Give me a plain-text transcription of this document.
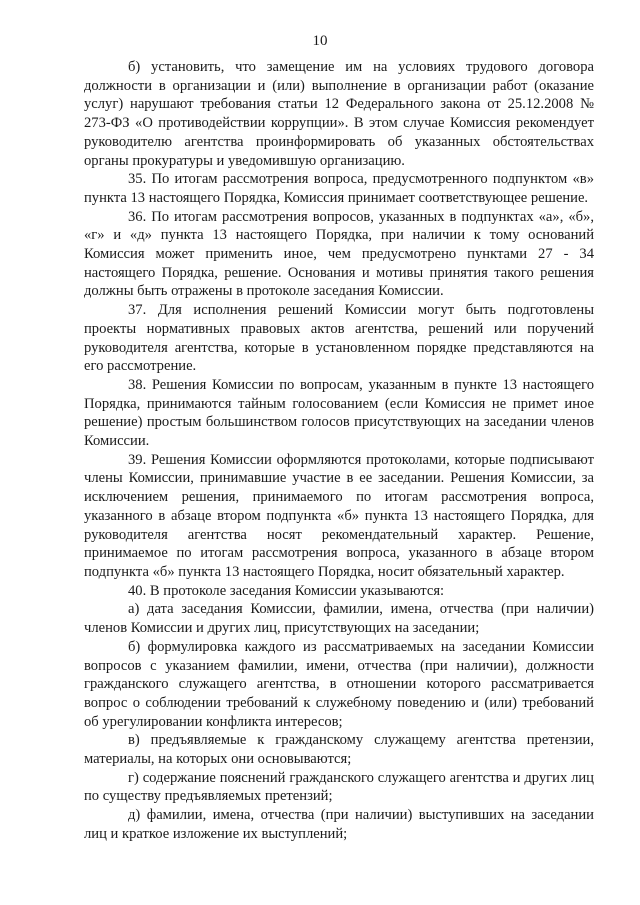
10

б) установить, что замещение им на условиях трудового договора должности в организации и (или) выполнение в организации работ (оказание услуг) нарушают требования статьи 12 Федерального закона от 25.12.2008 № 273-ФЗ «О противодействии коррупции». В этом случае Комиссия рекомендует руководителю агентства проинформировать об указанных обстоятельствах органы прокуратуры и уведомившую организацию.

35. По итогам рассмотрения вопроса, предусмотренного подпунктом «в» пункта 13 настоящего Порядка, Комиссия принимает соответствующее решение.

36. По итогам рассмотрения вопросов, указанных в подпунктах «а», «б», «г» и «д» пункта 13 настоящего Порядка, при наличии к тому оснований Комиссия может применить иное, чем предусмотрено пунктами 27 - 34 настоящего Порядка, решение. Основания и мотивы принятия такого решения должны быть отражены в протоколе заседания Комиссии.

37. Для исполнения решений Комиссии могут быть подготовлены проекты нормативных правовых актов агентства, решений или поручений руководителя агентства, которые в установленном порядке представляются на его рассмотрение.

38. Решения Комиссии по вопросам, указанным в пункте 13 настоящего Порядка, принимаются тайным голосованием (если Комиссия не примет иное решение) простым большинством голосов присутствующих на заседании членов Комиссии.

39. Решения Комиссии оформляются протоколами, которые подписывают члены Комиссии, принимавшие участие в ее заседании. Решения Комиссии, за исключением решения, принимаемого по итогам рассмотрения вопроса, указанного в абзаце втором подпункта «б» пункта 13 настоящего Порядка, для руководителя агентства носят рекомендательный характер. Решение, принимаемое по итогам рассмотрения вопроса, указанного в абзаце втором подпункта «б» пункта 13 настоящего Порядка, носит обязательный характер.

40. В протоколе заседания Комиссии указываются:

а) дата заседания Комиссии, фамилии, имена, отчества (при наличии) членов Комиссии и других лиц, присутствующих на заседании;

б) формулировка каждого из рассматриваемых на заседании Комиссии вопросов с указанием фамилии, имени, отчества (при наличии), должности гражданского служащего агентства, в отношении которого рассматривается вопрос о соблюдении требований к служебному поведению и (или) требований об урегулировании конфликта интересов;

в) предъявляемые к гражданскому служащему агентства претензии, материалы, на которых они основываются;

г) содержание пояснений гражданского служащего агентства и других лиц по существу предъявляемых претензий;

д) фамилии, имена, отчества (при наличии) выступивших на заседании лиц и краткое изложение их выступлений;
